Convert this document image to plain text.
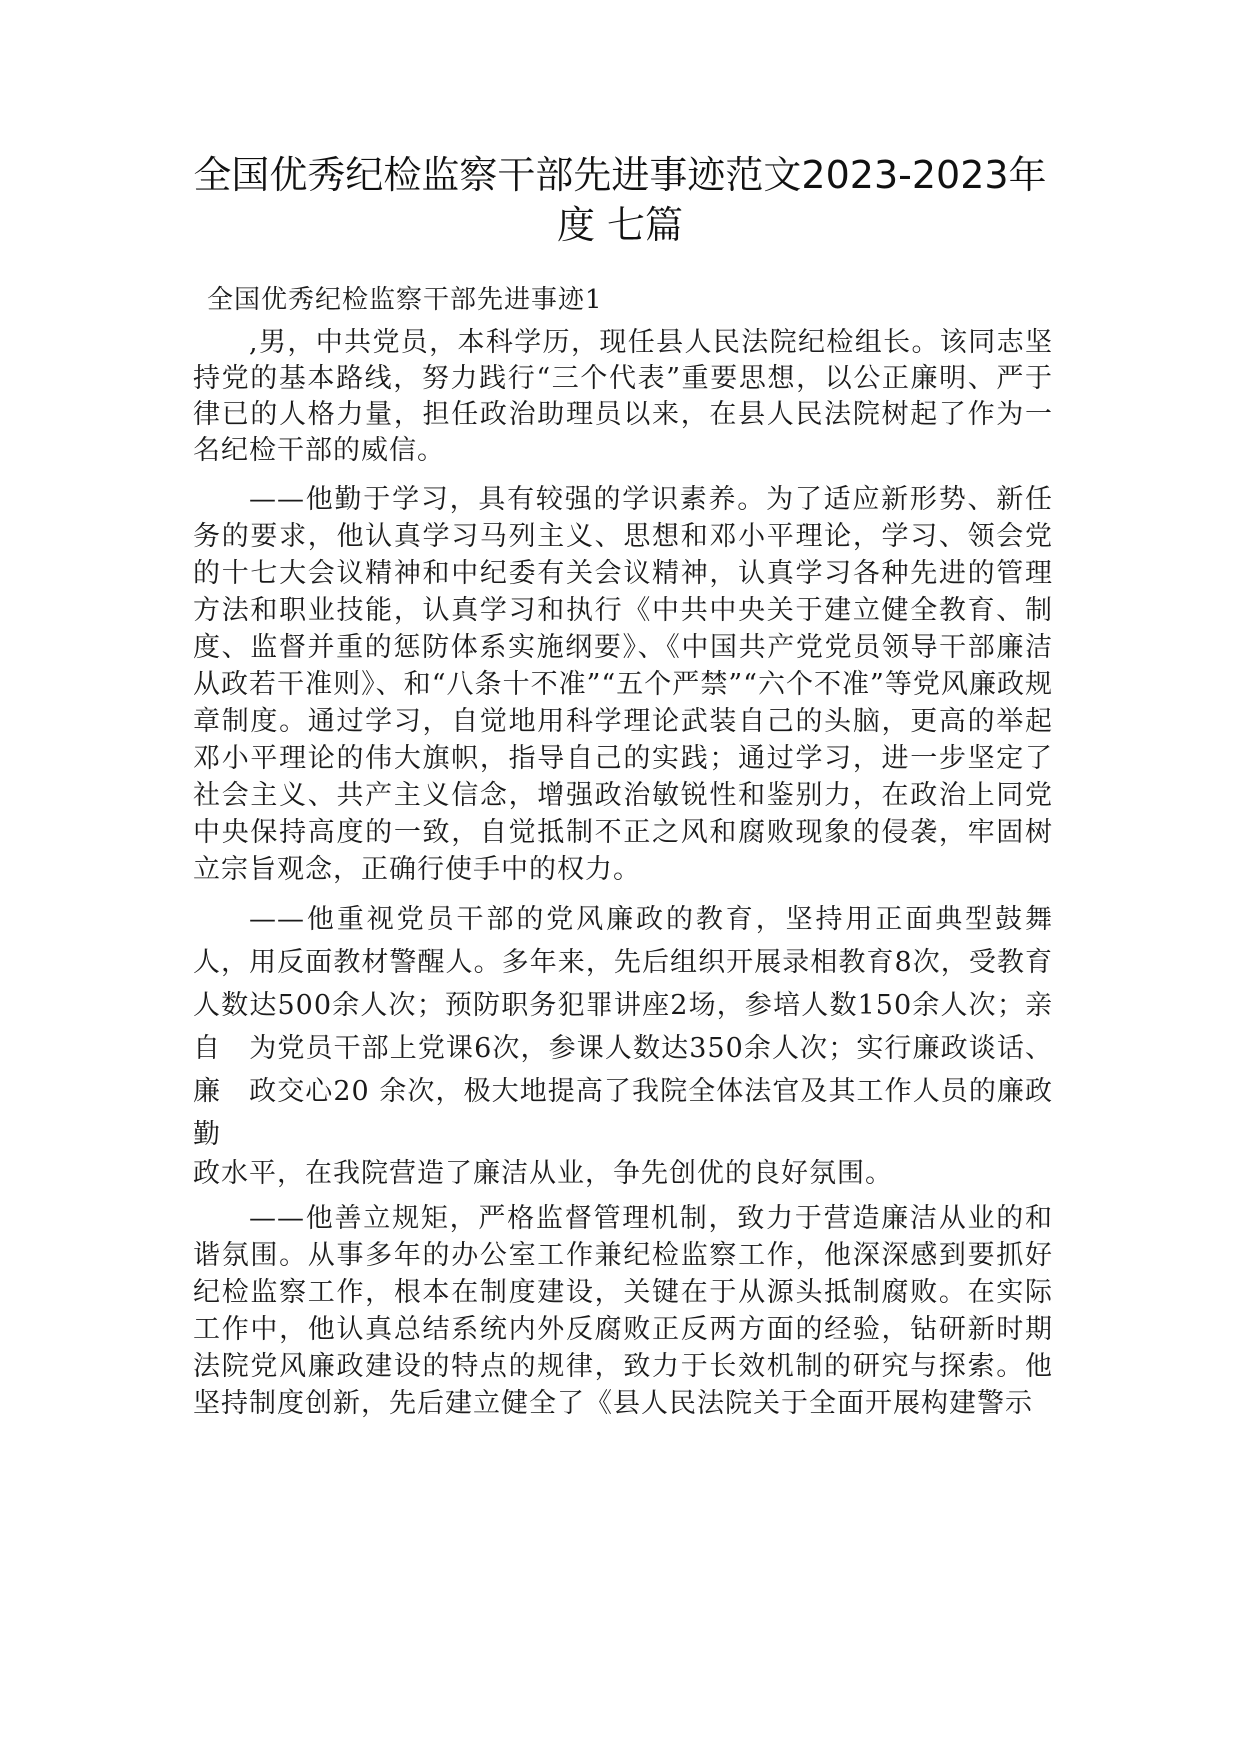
全国优秀纪检监察干部先进事迹范文2023-2023年
度 七篇

全国优秀纪检监察干部先进事迹1

,男，中共党员，本科学历，现任县人民法院纪检组长。该同志坚持党的基本路线，努力践行“三个代表”重要思想，以公正廉明、严于律已的人格力量，担任政治助理员以来，在县人民法院树起了作为一名纪检干部的威信。

——他勤于学习，具有较强的学识素养。为了适应新形势、新任务的要求，他认真学习马列主义、思想和邓小平理论，学习、领会党的十七大会议精神和中纪委有关会议精神，认真学习各种先进的管理方法和职业技能，认真学习和执行《中共中央关于建立健全教育、制度、监督并重的惩防体系实施纲要》、《中国共产党党员领导干部廉洁从政若干准则》、和“八条十不准”“五个严禁”“六个不准”等党风廉政规章制度。通过学习，自觉地用科学理论武装自己的头脑，更高的举起邓小平理论的伟大旗帜，指导自己的实践；通过学习，进一步坚定了社会主义、共产主义信念，增强政治敏锐性和鉴别力，在政治上同党中央保持高度的一致，自觉抵制不正之风和腐败现象的侵袭，牢固树立宗旨观念，正确行使手中的权力。

——他重视党员干部的党风廉政的教育，坚持用正面典型鼓舞人，用反面教材警醒人。多年来，先后组织开展录相教育8次，受教育人数达500余人次；预防职务犯罪讲座2场，参培人数150余人次；亲自　为党员干部上党课6次，参课人数达350余人次；实行廉政谈话、廉　政交心20 余次，极大地提高了我院全体法官及其工作人员的廉政勤

政水平，在我院营造了廉洁从业，争先创优的良好氛围。

——他善立规矩，严格监督管理机制，致力于营造廉洁从业的和谐氛围。从事多年的办公室工作兼纪检监察工作，他深深感到要抓好纪检监察工作，根本在制度建设，关键在于从源头抵制腐败。在实际工作中，他认真总结系统内外反腐败正反两方面的经验，钻研新时期法院党风廉政建设的特点的规律，致力于长效机制的研究与探索。他坚持制度创新，先后建立健全了《县人民法院关于全面开展构建警示
